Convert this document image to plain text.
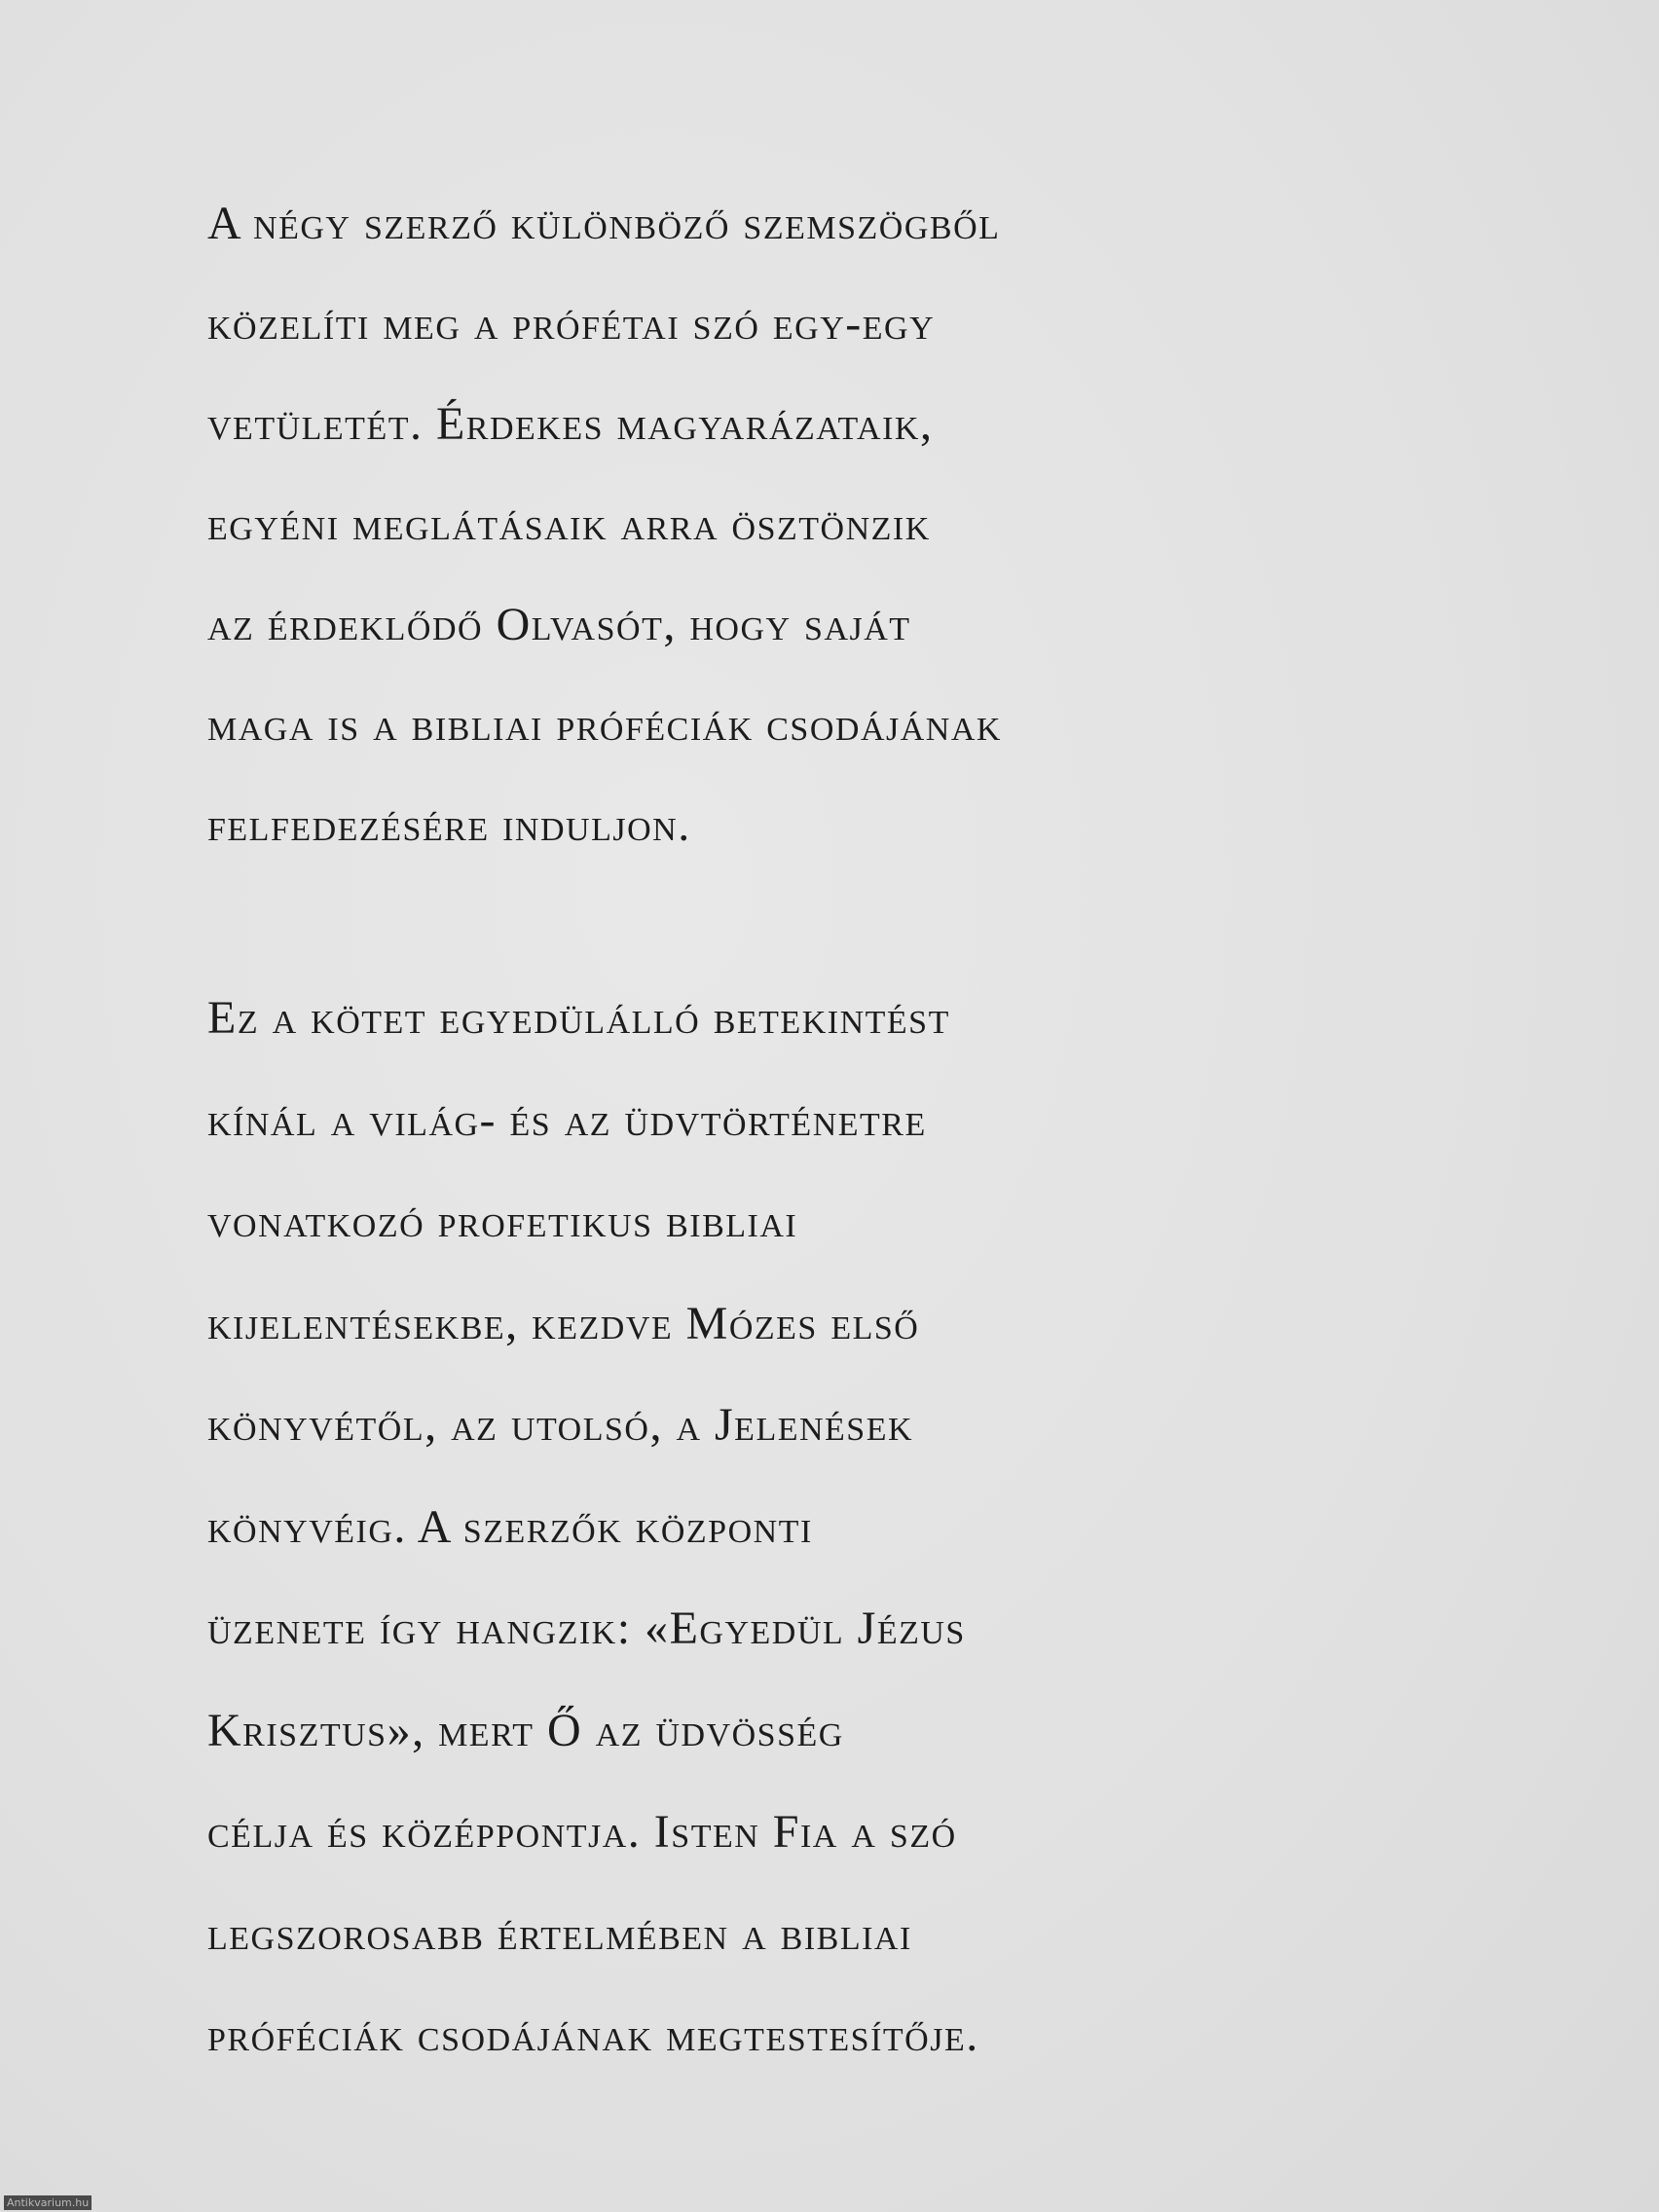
A négy szerző különböző szemszögből
közelíti meg a prófétai szó egy-egy
vetületét. Érdekes magyarázataik,
egyéni meglátásaik arra ösztönzik
az érdeklődő Olvasót, hogy saját
maga is a bibliai próféciák csodájának
felfedezésére induljon.
Ez a kötet egyedülálló betekintést
kínál a világ- és az üdvtörténetre
vonatkozó profetikus bibliai
kijelentésekbe, kezdve Mózes első
könyvétől, az utolsó, a Jelenések
könyvéig. A szerzők központi
üzenete így hangzik: «Egyedül Jézus
Krisztus», mert Ő az üdvösség
célja és középpontja. Isten Fia a szó
legszorosabb értelmében a bibliai
próféciák csodájának megtestesítője.
Antikvarium.hu
